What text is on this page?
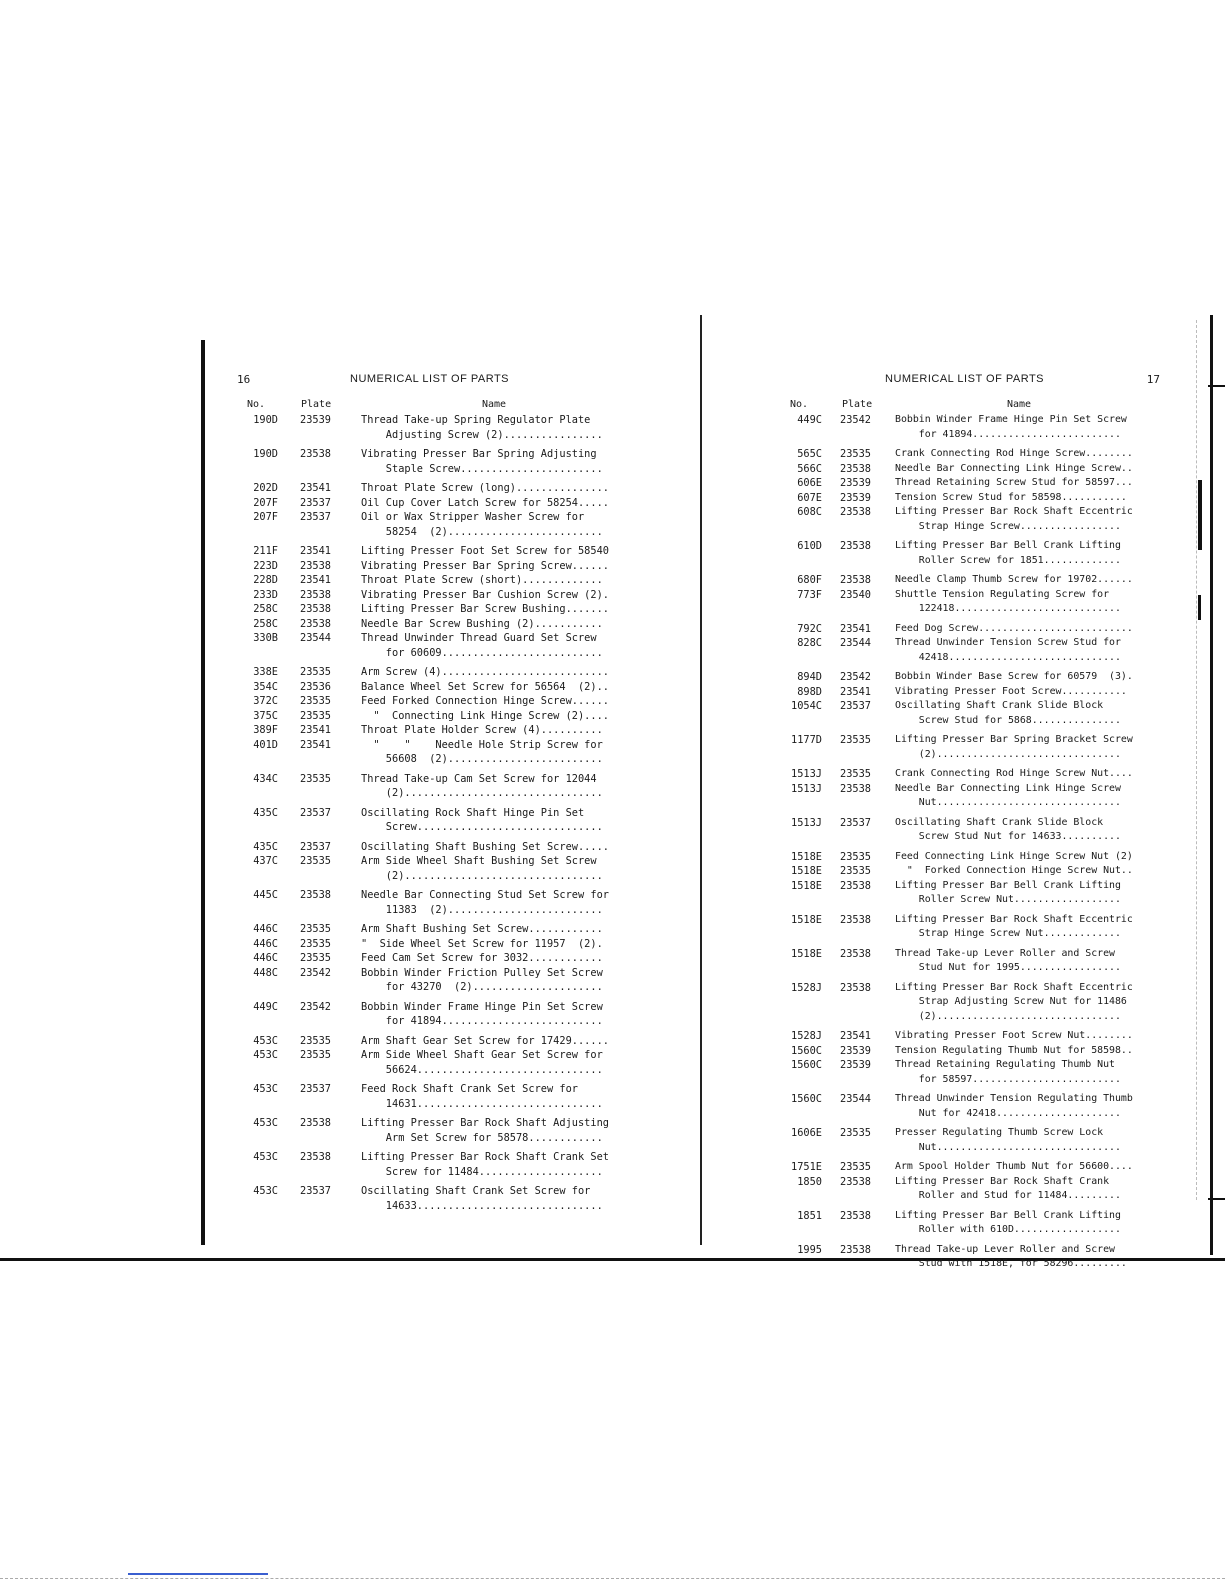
16	NUMERICAL LIST OF PARTS
No.	Plate	Name
190D 23539	Thread Take-up Spring Regulator Plate
Adjusting Screw (2)................
190D 23538	Vibrating Presser Bar Spring Adjusting
Staple Screw.......................
202D 23541	Throat Plate Screw (long)...............
207F 23537	Oil Cup Cover Latch Screw for 58254.....
207F 23537	Oil or Wax Stripper Washer Screw for
58254  (2).........................
211F 23541	Lifting Presser Foot Set Screw for 58540
223D 23538	Vibrating Presser Bar Spring Screw......
228D 23541	Throat Plate Screw (short).............
233D 23538	Vibrating Presser Bar Cushion Screw (2).
258C 23538	Lifting Presser Bar Screw Bushing.......
258C 23538	Needle Bar Screw Bushing (2)...........
330B 23544	Thread Unwinder Thread Guard Set Screw
for 60609..........................
338E 23535	Arm Screw (4)...........................
354C 23536	Balance Wheel Set Screw for 56564  (2)..
372C 23535	Feed Forked Connection Hinge Screw......
375C 23535	"  Connecting Link Hinge Screw (2)....
389F 23541	Throat Plate Holder Screw (4)..........
401D 23541	"    "    Needle Hole Strip Screw for
56608  (2).........................
434C 23535	Thread Take-up Cam Set Screw for 12044
(2)................................
435C 23537	Oscillating Rock Shaft Hinge Pin Set
Screw..............................
435C 23537	Oscillating Shaft Bushing Set Screw.....
437C 23535	Arm Side Wheel Shaft Bushing Set Screw
(2)................................
445C 23538	Needle Bar Connecting Stud Set Screw for
11383  (2).........................
446C 23535	Arm Shaft Bushing Set Screw............
446C 23535	"  Side Wheel Set Screw for 11957  (2).
446C 23535	Feed Cam Set Screw for 3032............
448C 23542	Bobbin Winder Friction Pulley Set Screw
for 43270  (2).....................
449C 23542	Bobbin Winder Frame Hinge Pin Set Screw
for 41894..........................
453C 23535	Arm Shaft Gear Set Screw for 17429......
453C 23535	Arm Side Wheel Shaft Gear Set Screw for
56624..............................
453C 23537	Feed Rock Shaft Crank Set Screw for
14631..............................
453C 23538	Lifting Presser Bar Rock Shaft Adjusting
Arm Set Screw for 58578............
453C 23538	Lifting Presser Bar Rock Shaft Crank Set
Screw for 11484....................
453C 23537	Oscillating Shaft Crank Set Screw for
14633..............................
NUMERICAL LIST OF PARTS	17
No.	Plate	Name
449C 23542 Bobbin Winder Frame Hinge Pin Set Screw
for 41894.........................
565C 23535 Crank Connecting Rod Hinge Screw........
566C 23538 Needle Bar Connecting Link Hinge Screw..
606E 23539 Thread Retaining Screw Stud for 58597...
607E 23539 Tension Screw Stud for 58598...........
608C 23538 Lifting Presser Bar Rock Shaft Eccentric
Strap Hinge Screw.................
610D 23538 Lifting Presser Bar Bell Crank Lifting
Roller Screw for 1851.............
680F 23538 Needle Clamp Thumb Screw for 19702......
773F 23540 Shuttle Tension Regulating Screw for
122418............................
792C 23541 Feed Dog Screw..........................
828C 23544 Thread Unwinder Tension Screw Stud for
42418.............................
894D 23542 Bobbin Winder Base Screw for 60579  (3).
898D 23541 Vibrating Presser Foot Screw...........
1054C 23537 Oscillating Shaft Crank Slide Block
Screw Stud for 5868...............
1177D 23535 Lifting Presser Bar Spring Bracket Screw
(2)...............................
1513J 23535 Crank Connecting Rod Hinge Screw Nut....
1513J 23538 Needle Bar Connecting Link Hinge Screw
Nut...............................
1513J 23537 Oscillating Shaft Crank Slide Block
Screw Stud Nut for 14633..........
1518E 23535 Feed Connecting Link Hinge Screw Nut (2)
1518E 23535 "  Forked Connection Hinge Screw Nut..
1518E 23538 Lifting Presser Bar Bell Crank Lifting
Roller Screw Nut..................
1518E 23538 Lifting Presser Bar Rock Shaft Eccentric
Strap Hinge Screw Nut.............
1518E 23538 Thread Take-up Lever Roller and Screw
Stud Nut for 1995.................
1528J 23538 Lifting Presser Bar Rock Shaft Eccentric
Strap Adjusting Screw Nut for 11486
(2)...............................
1528J 23541 Vibrating Presser Foot Screw Nut........
1560C 23539 Tension Regulating Thumb Nut for 58598..
1560C 23539 Thread Retaining Regulating Thumb Nut
for 58597.........................
1560C 23544 Thread Unwinder Tension Regulating Thumb
Nut for 42418.....................
1606E 23535 Presser Regulating Thumb Screw Lock
Nut...............................
1751E 23535 Arm Spool Holder Thumb Nut for 56600....
1850 23538 Lifting Presser Bar Rock Shaft Crank
Roller and Stud for 11484.........
1851 23538 Lifting Presser Bar Bell Crank Lifting
Roller with 610D..................
1995 23538 Thread Take-up Lever Roller and Screw
Stud with 1518E, for 58296.........
